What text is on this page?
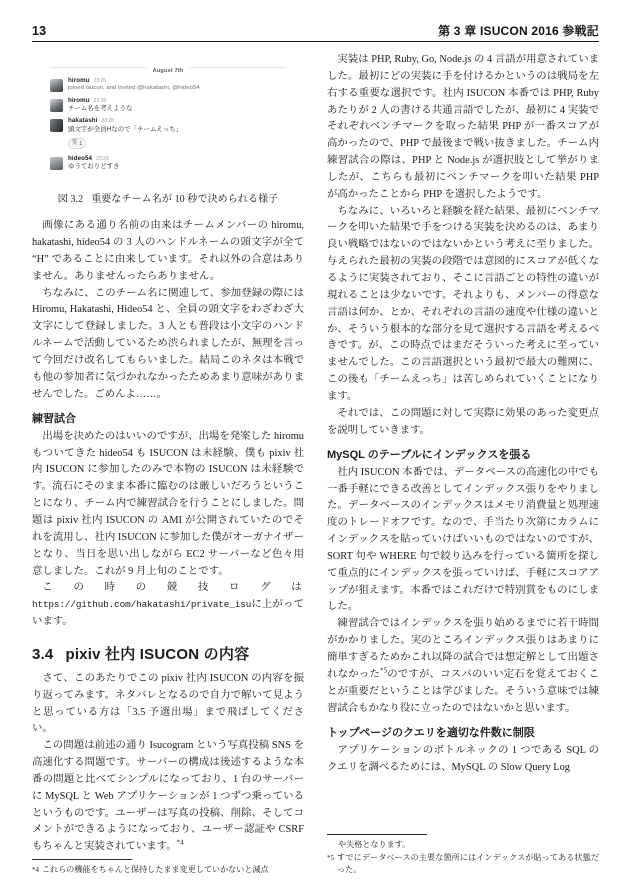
13	第 3 章 ISUCON 2016 参戦記
August 7th
hiromu 23:26
joined isucon, and invited @hakatashi, @hideo54
hiromu 23:28
チーム名を考えような
hakatashi 23:28
頭文字が全員Hなので「チームえっち」
笑 1
hideo54 23:29
ゆうておりどすき
図 3.2 重要なチーム名が 10 秒で決められる様子

画像にある通り名前の由来はチームメンバーの hiromu, hakatashi, hideo54 の 3 人のハンドルネームの頭文字が全て “H” であることに由来しています。それ以外の合意はありません。ありませんったらありません。

ちなみに、このチーム名に関連して、参加登録の際には Hiromu, Hakatashi, Hideo54 と、全員の頭文字をわざわざ大文字にして登録しました。3 人とも普段は小文字のハンドルネームで活動しているため渋られましたが、無理を言って今回だけ改名してもらいました。結局このネタは本戦でも他の参加者に気づかれなかったためあまり意味がありませんでした。ごめんよ……。

練習試合

出場を決めたのはいいのですが、出場を発案した hiromu もついてきた hideo54 も ISUCON は未経験、僕も pixiv 社内 ISUCON に参加したのみで本物の ISUCON は未経験です。流石にそのまま本番に臨むのは厳しいだろうということになり、チーム内で練習試合を行うことにしました。問題は pixiv 社内 ISUCON の AMI が公開されていたのでそれを流用し、社内 ISUCON に参加した僕がオーガナイザーとなり、当日を思い出しながら EC2 サーバーなど色々用意しました。これが 9 月上旬のことです。

この時の競技ログはhttps://github.com/hakatashi/private_isuに上がっています。

3.4 pixiv 社内 ISUCON の内容

さて、このあたりでこの pixiv 社内 ISUCON の内容を振り返ってみます。ネタバレとなるので自力で解いて見ようと思っている方は「3.5 予選出場」まで飛ばしてください。

この問題は前述の通り Isucogram という写真投稿 SNS を高速化する問題です。サーバーの構成は後述するような本番の問題と比べてシンプルになっており、1 台のサーバーに MySQL と Web アプリケーションが 1 つずつ乗っているというものです。ユーザーは写真の投稿、削除、そしてコメントができるようになっており、ユーザー認証や CSRF もちゃんと実装されています。$^{*4}$

*4 これらの機能をちゃんと保持したまま変更していかないと減点

実装は PHP, Ruby, Go, Node.js の 4 言語が用意されていました。最初にどの実装に手を付けるかというのは戦局を左右する重要な選択です。社内 ISUCON 本番では PHP, Ruby あたりが 2 人の書ける共通言語でしたが、最初に 4 実装でそれぞれベンチマークを取った結果 PHP が一番スコアが高かったので、PHP で最後まで戦い抜きました。チーム内練習試合の際は、PHP と Node.js が選択肢として挙がりましたが、こちらも最初にベンチマークを叩いた結果 PHP が高かったことから PHP を選択したようです。

ちなみに、いろいろと経験を経た結果、最初にベンチマークを叩いた結果で手をつける実装を決めるのは、あまり良い戦略ではないのではないかという考えに至りました。与えられた最初の実装の段階では意図的にスコアが低くなるように実装されており、そこに言語ごとの特性の違いが現れることは少ないです。それよりも、メンバーの得意な言語は何か、とか、それぞれの言語の速度や仕様の違いとか、そういう根本的な部分を見て選択する言語を考えるべきです。が、この時点ではまだそういった考えに至っていませんでした。この言語選択という最初で最大の難関に、この後も「チームえっち」は苦しめられていくことになります。

それでは、この問題に対して実際に効果のあった変更点を説明していきます。

MySQL のテーブルにインデックスを張る

社内 ISUCON 本番では、データベースの高速化の中でも一番手軽にできる改善としてインデックス張りをやりました。データベースのインデックスはメモリ消費量と処理速度のトレードオフです。なので、手当たり次第にカラムにインデックスを貼っていけばいいものではないのですが、SORT 句や WHERE 句で絞り込みを行っている箇所を探して重点的にインデックスを張っていけば、手軽にスコアアップが狙えます。本番ではこれだけで特別賞をものにしました。

練習試合ではインデックスを張り始めるまでに若干時間がかかりました。実のところインデックス張りはあまりに簡単すぎるためかこれ以降の試合では想定解として出題されなかった$^{*5}$のですが、コスパのいい定石を覚えておくことが重要だということは学びました。そういう意味では練習試合もかなり役に立ったのではないかと思います。

トップページのクエリを適切な件数に制限

アプリケーションのボトルネックの 1 つである SQL のクエリを調べるためには、MySQL の Slow Query Log

や失格となります。
*5 すでにデータベースの主要な箇所にはインデックスが貼ってある状態だった。
